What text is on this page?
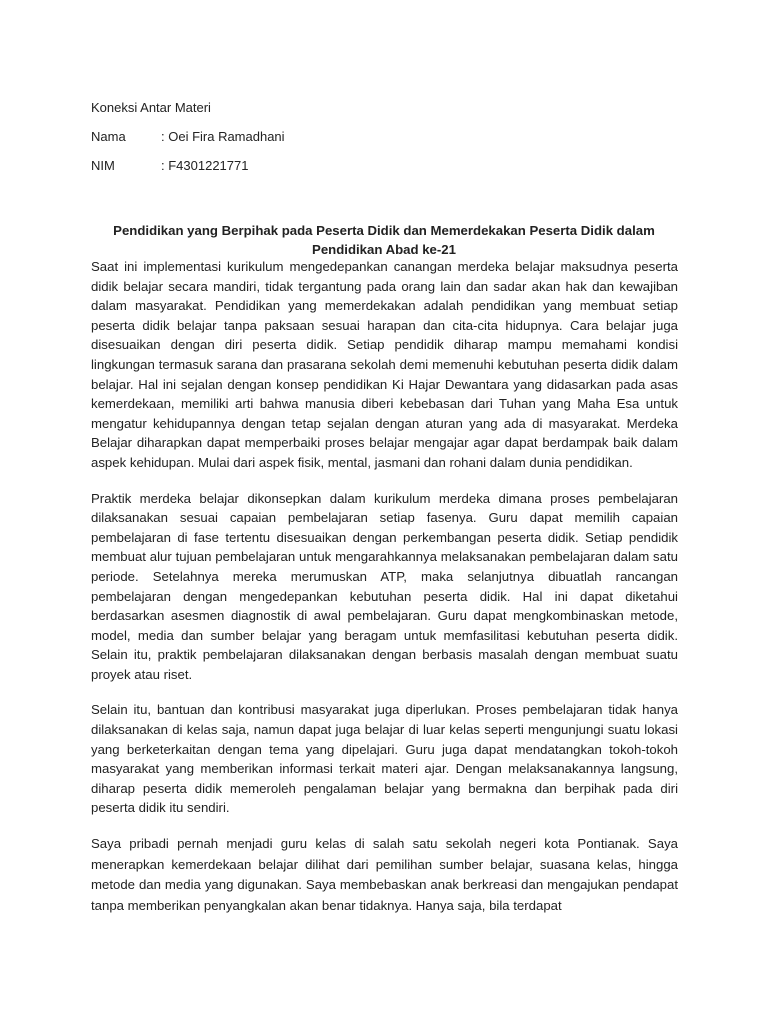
Koneksi Antar Materi
Nama	: Oei Fira Ramadhani
NIM	: F4301221771
Pendidikan yang Berpihak pada Peserta Didik dan Memerdekakan Peserta Didik dalam Pendidikan Abad ke-21

Saat ini implementasi kurikulum mengedepankan canangan merdeka belajar maksudnya peserta didik belajar secara mandiri, tidak tergantung pada orang lain dan sadar akan hak dan kewajiban dalam masyarakat. Pendidikan yang memerdekakan adalah pendidikan yang membuat setiap peserta didik belajar tanpa paksaan sesuai harapan dan cita-cita hidupnya. Cara belajar juga disesuaikan dengan diri peserta didik. Setiap pendidik diharap mampu memahami kondisi lingkungan termasuk sarana dan prasarana sekolah demi memenuhi kebutuhan peserta didik dalam belajar. Hal ini sejalan dengan konsep pendidikan Ki Hajar Dewantara yang didasarkan pada asas kemerdekaan, memiliki arti bahwa manusia diberi kebebasan dari Tuhan yang Maha Esa untuk mengatur kehidupannya dengan tetap sejalan dengan aturan yang ada di masyarakat. Merdeka Belajar diharapkan dapat memperbaiki proses belajar mengajar agar dapat berdampak baik dalam aspek kehidupan. Mulai dari aspek fisik, mental, jasmani dan rohani dalam dunia pendidikan.

Praktik merdeka belajar dikonsepkan dalam kurikulum merdeka dimana proses pembelajaran dilaksanakan sesuai capaian pembelajaran setiap fasenya. Guru dapat memilih capaian pembelajaran di fase tertentu disesuaikan dengan perkembangan peserta didik. Setiap pendidik membuat alur tujuan pembelajaran untuk mengarahkannya melaksanakan pembelajaran dalam satu periode. Setelahnya mereka merumuskan ATP, maka selanjutnya dibuatlah rancangan pembelajaran dengan mengedepankan kebutuhan peserta didik. Hal ini dapat diketahui berdasarkan asesmen diagnostik di awal pembelajaran. Guru dapat mengkombinaskan metode, model, media dan sumber belajar yang beragam untuk memfasilitasi kebutuhan peserta didik. Selain itu, praktik pembelajaran dilaksanakan dengan berbasis masalah dengan membuat suatu proyek atau riset.

Selain itu, bantuan dan kontribusi masyarakat juga diperlukan. Proses pembelajaran tidak hanya dilaksanakan di kelas saja, namun dapat juga belajar di luar kelas seperti mengunjungi suatu lokasi yang berketerkaitan dengan tema yang dipelajari. Guru juga dapat mendatangkan tokoh-tokoh masyarakat yang memberikan informasi terkait materi ajar. Dengan melaksanakannya langsung, diharap peserta didik memeroleh pengalaman belajar yang bermakna dan berpihak pada diri peserta didik itu sendiri.

Saya pribadi pernah menjadi guru kelas di salah satu sekolah negeri kota Pontianak. Saya menerapkan kemerdekaan belajar dilihat dari pemilihan sumber belajar, suasana kelas, hingga metode dan media yang digunakan. Saya membebaskan anak berkreasi dan mengajukan pendapat tanpa memberikan penyangkalan akan benar tidaknya. Hanya saja, bila terdapat
